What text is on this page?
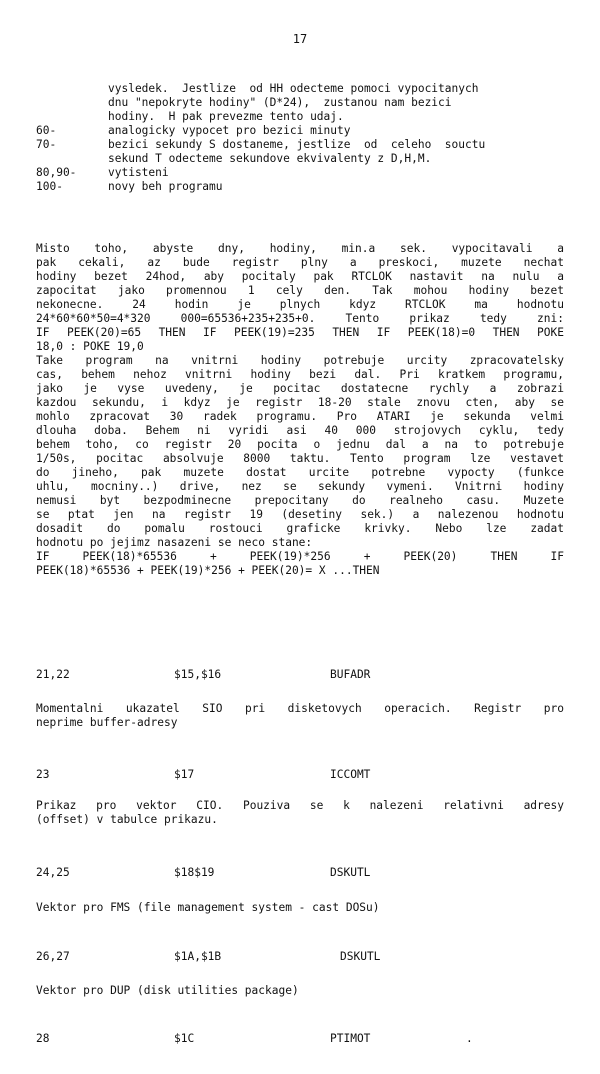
17
vysledek.  Jestlize  od HH odecteme pomoci vypocitanych
dnu "nepokryte hodiny" (D*24),  zustanou nam bezici
hodiny.  H pak prevezme tento udaj.
60-	analogicky vypocet pro bezici minuty
70-	bezici sekundy S dostaneme, jestlize  od  celeho  souctu
sekund T odecteme sekundove ekvivalenty z D,H,M.
80,90-	vytisteni
100-	novy beh programu
Misto toho, abyste dny, hodiny, min.a sek. vypocitavali a
pak cekali, az bude registr plny a preskoci, muzete nechat
hodiny bezet 24hod, aby pocitaly pak RTCLOK nastavit na nulu a
zapocitat jako promennou 1 cely den. Tak mohou hodiny bezet
nekonecne. 24 hodin je plnych kdyz RTCLOK ma hodnotu
24*60*60*50=4*320 000=65536+235+235+0. Tento prikaz tedy zni:
IF PEEK(20)=65 THEN IF PEEK(19)=235 THEN IF PEEK(18)=0 THEN POKE
18,0 : POKE 19,0
Take program na vnitrni hodiny potrebuje urcity zpracovatelsky
cas, behem nehoz vnitrni hodiny bezi dal. Pri kratkem programu,
jako je vyse uvedeny, je pocitac dostatecne rychly a zobrazi
kazdou sekundu, i kdyz je registr 18-20 stale znovu cten, aby se
mohlo zpracovat 30 radek programu. Pro ATARI je sekunda velmi
dlouha doba. Behem ni vyridi asi 40 000 strojovych cyklu, tedy
behem toho, co registr 20 pocita o jednu dal a na to potrebuje
1/50s, pocitac absolvuje 8000 taktu. Tento program lze vestavet
do jineho, pak muzete dostat urcite potrebne vypocty (funkce
uhlu, mocniny..) drive, nez se sekundy vymeni. Vnitrni hodiny
nemusi byt bezpodminecne prepocitany do realneho casu. Muzete
se ptat jen na registr 19 (desetiny sek.) a nalezenou hodnotu
dosadit do pomalu rostouci graficke krivky. Nebo lze zadat
hodnotu po jejimz nasazeni se neco stane:
IF PEEK(18)*65536 + PEEK(19)*256 + PEEK(20) THEN IF
PEEK(18)*65536 + PEEK(19)*256 + PEEK(20)= X ...THEN
21,22	$15,$16	BUFADR
Momentalni ukazatel SIO pri disketovych operacich. Registr pro
neprime buffer-adresy
23	$17	ICCOMT
Prikaz pro vektor CIO. Pouziva se k nalezeni relativni adresy
(offset) v tabulce prikazu.
24,25	$18$19	DSKUTL
Vektor pro FMS (file management system - cast DOSu)
26,27	$1A,$1B	DSKUTL
Vektor pro DUP (disk utilities package)
28	$1C	PTIMOT	.
